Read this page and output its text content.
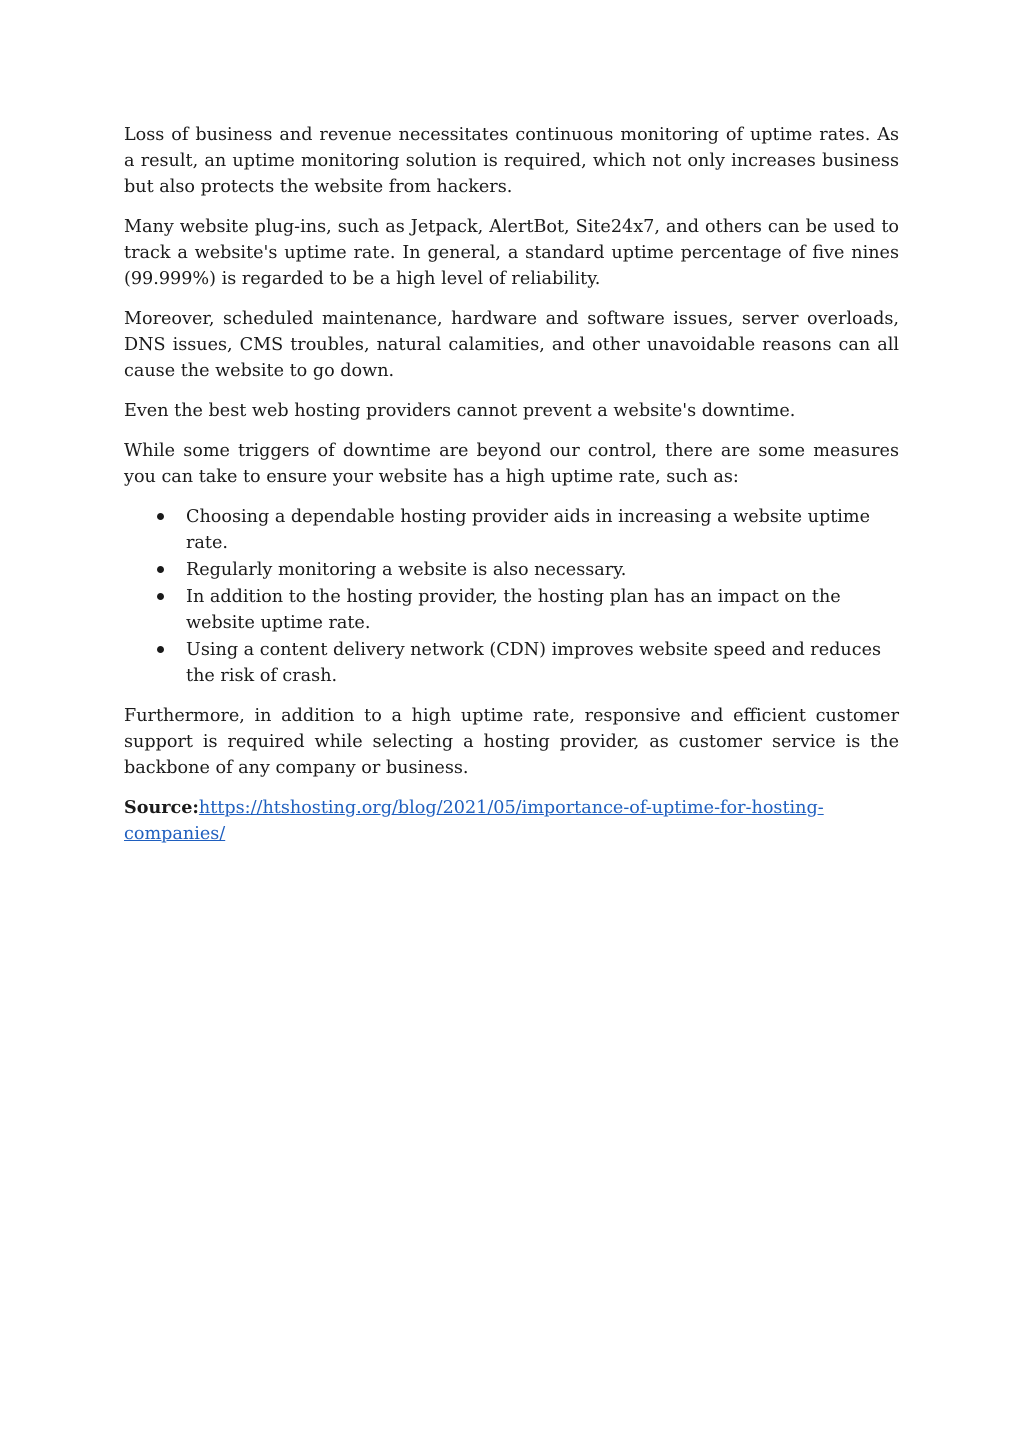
Loss of business and revenue necessitates continuous monitoring of uptime rates. As a result, an uptime monitoring solution is required, which not only increases business but also protects the website from hackers.

Many website plug-ins, such as Jetpack, AlertBot, Site24x7, and others can be used to track a website's uptime rate. In general, a standard uptime percentage of five nines (99.999%) is regarded to be a high level of reliability.

Moreover, scheduled maintenance, hardware and software issues, server overloads, DNS issues, CMS troubles, natural calamities, and other unavoidable reasons can all cause the website to go down.

Even the best web hosting providers cannot prevent a website's downtime.

While some triggers of downtime are beyond our control, there are some measures you can take to ensure your website has a high uptime rate, such as:

Choosing a dependable hosting provider aids in increasing a website uptime rate.
Regularly monitoring a website is also necessary.
In addition to the hosting provider, the hosting plan has an impact on the website uptime rate.
Using a content delivery network (CDN) improves website speed and reduces the risk of crash.

Furthermore, in addition to a high uptime rate, responsive and efficient customer support is required while selecting a hosting provider, as customer service is the backbone of any company or business.

Source:https://htshosting.org/blog/2021/05/importance-of-uptime-for-hosting-companies/
